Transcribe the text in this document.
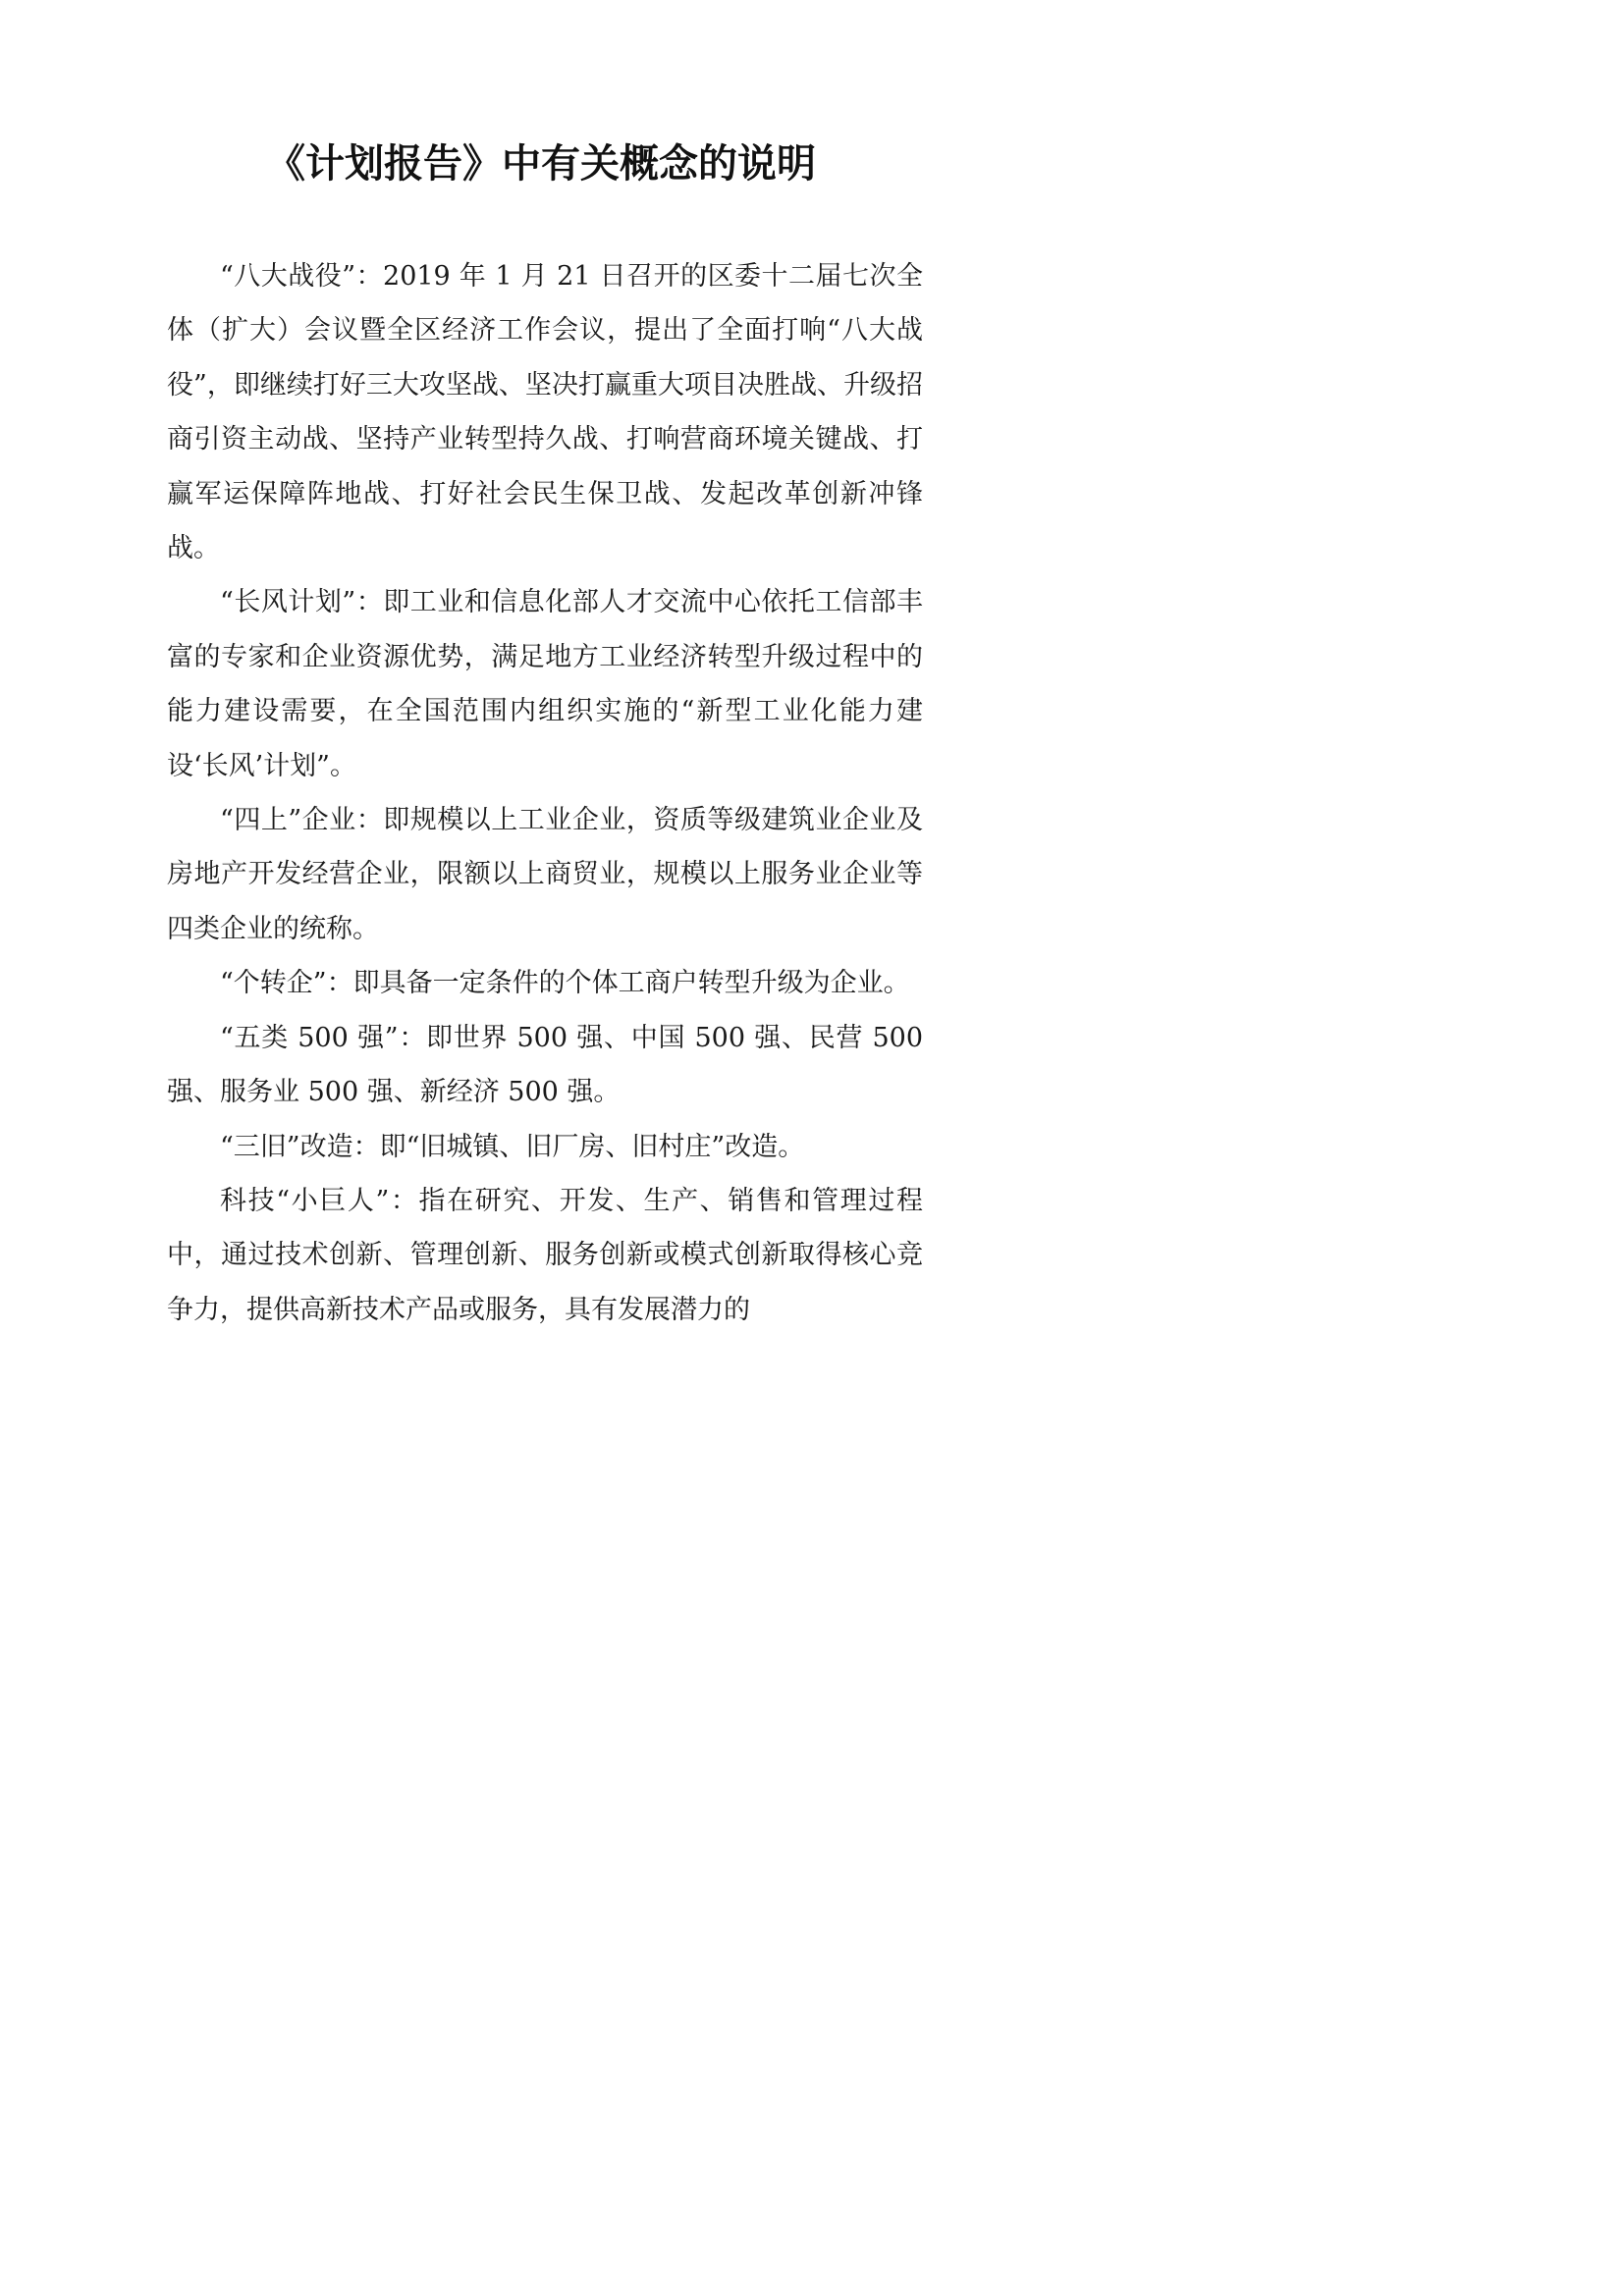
《计划报告》中有关概念的说明

“八大战役”：2019 年 1 月 21 日召开的区委十二届七次全体（扩大）会议暨全区经济工作会议，提出了全面打响“八大战役”，即继续打好三大攻坚战、坚决打赢重大项目决胜战、升级招商引资主动战、坚持产业转型持久战、打响营商环境关键战、打赢军运保障阵地战、打好社会民生保卫战、发起改革创新冲锋战。

“长风计划”：即工业和信息化部人才交流中心依托工信部丰富的专家和企业资源优势，满足地方工业经济转型升级过程中的能力建设需要，在全国范围内组织实施的“新型工业化能力建设‘长风’计划”。

“四上”企业：即规模以上工业企业，资质等级建筑业企业及房地产开发经营企业，限额以上商贸业，规模以上服务业企业等四类企业的统称。

“个转企”：即具备一定条件的个体工商户转型升级为企业。

“五类 500 强”：即世界 500 强、中国 500 强、民营 500 强、服务业 500 强、新经济 500 强。

“三旧”改造：即“旧城镇、旧厂房、旧村庄”改造。

科技“小巨人”：指在研究、开发、生产、销售和管理过程中，通过技术创新、管理创新、服务创新或模式创新取得核心竞争力，提供高新技术产品或服务，具有发展潜力的
